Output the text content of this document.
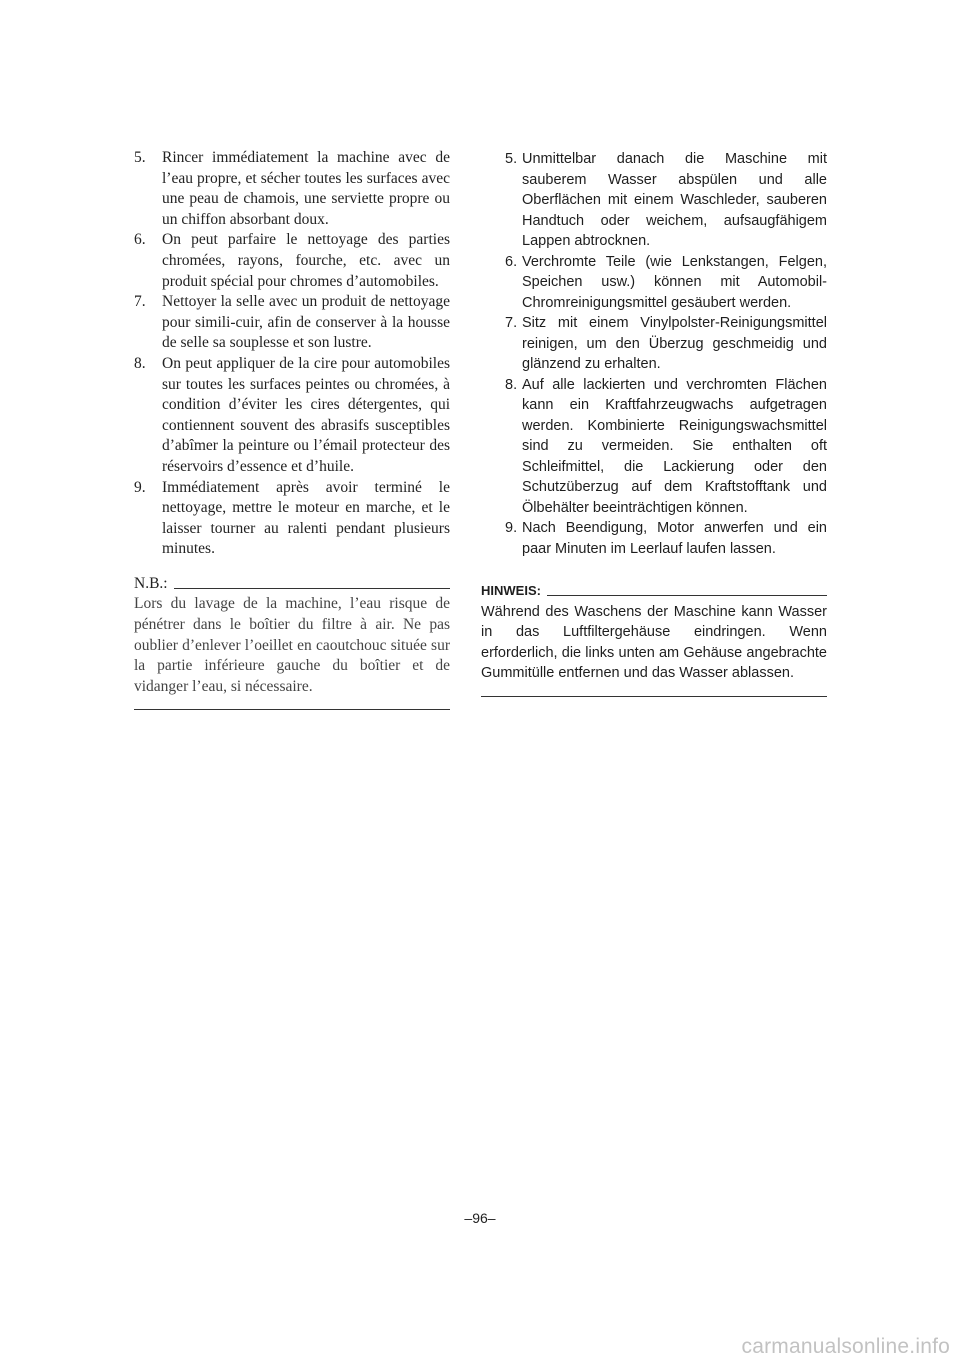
5. Rincer immédiatement la machine avec de l’eau propre, et sécher toutes les surfaces avec une peau de chamois, une serviette propre ou un chiffon absorbant doux.
6. On peut parfaire le nettoyage des parties chromées, rayons, fourche, etc. avec un produit spécial pour chromes d’automobiles.
7. Nettoyer la selle avec un produit de nettoyage pour simili-cuir, afin de conserver à la housse de selle sa souplesse et son lustre.
8. On peut appliquer de la cire pour automobiles sur toutes les surfaces peintes ou chromées, à condition d’éviter les cires détergentes, qui contiennent souvent des abrasifs susceptibles d’abîmer la peinture ou l’émail protecteur des réservoirs d’essence et d’huile.
9. Immédiatement après avoir terminé le nettoyage, mettre le moteur en marche, et le laisser tourner au ralenti pendant plusieurs minutes.
N.B.:
Lors du lavage de la machine, l’eau risque de pénétrer dans le boîtier du filtre à air. Ne pas oublier d’enlever l’oeillet en caoutchouc située sur la partie inférieure gauche du boîtier et de vidanger l’eau, si nécessaire.
5. Unmittelbar danach die Maschine mit sauberem Wasser abspülen und alle Oberflächen mit einem Waschleder, sauberen Handtuch oder weichem, aufsaugfähigem Lappen abtrocknen.
6. Verchromte Teile (wie Lenkstangen, Felgen, Speichen usw.) können mit Automobil-Chromreinigungsmittel gesäubert werden.
7. Sitz mit einem Vinylpolster-Reinigungsmittel reinigen, um den Überzug geschmeidig und glänzend zu erhalten.
8. Auf alle lackierten und verchromten Flächen kann ein Kraftfahrzeugwachs aufgetragen werden. Kombinierte Reinigungswachsmittel sind zu vermeiden. Sie enthalten oft Schleifmittel, die Lackierung oder den Schutzüberzug auf dem Kraftstofftank und Ölbehälter beeinträchtigen können.
9. Nach Beendigung, Motor anwerfen und ein paar Minuten im Leerlauf laufen lassen.
HINWEIS:
Während des Waschens der Maschine kann Wasser in das Luftfiltergehäuse eindringen. Wenn erforderlich, die links unten am Gehäuse angebrachte Gummitülle entfernen und das Wasser ablassen.
–96–
carmanualsonline.info
